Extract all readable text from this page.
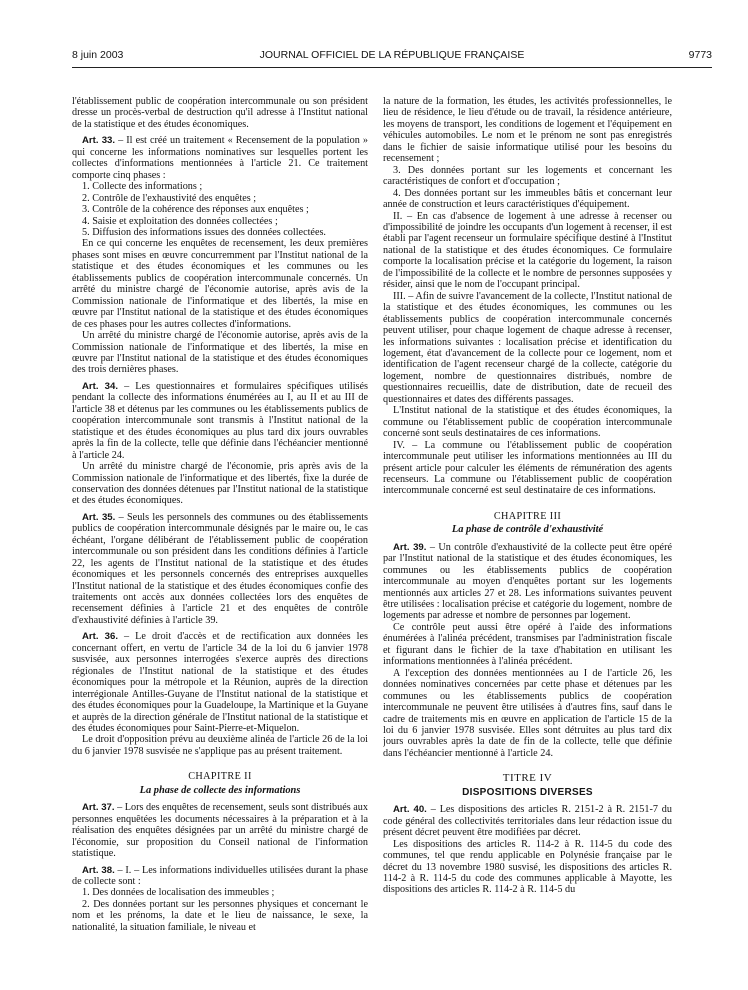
8 juin 2003	JOURNAL OFFICIEL DE LA RÉPUBLIQUE FRANÇAISE	9773

l'établissement public de coopération intercommunale ou son président dresse un procès-verbal de destruction qu'il adresse à l'Institut national de la statistique et des études économiques.

Art. 33. – Il est créé un traitement « Recensement de la population » qui concerne les informations nominatives sur lesquelles portent les collectes d'informations mentionnées à l'article 21. Ce traitement comporte cinq phases :

1. Collecte des informations ;
2. Contrôle de l'exhaustivité des enquêtes ;
3. Contrôle de la cohérence des réponses aux enquêtes ;
4. Saisie et exploitation des données collectées ;
5. Diffusion des informations issues des données collectées.

En ce qui concerne les enquêtes de recensement, les deux premières phases sont mises en œuvre concurremment par l'Institut national de la statistique et des études économiques et les communes ou les établissements publics de coopération intercommunale concernés. Un arrêté du ministre chargé de l'économie autorise, après avis de la Commission nationale de l'informatique et des libertés, la mise en œuvre par l'Institut national de la statistique et des études économiques de ces phases pour les autres collectes d'informations.

Un arrêté du ministre chargé de l'économie autorise, après avis de la Commission nationale de l'informatique et des libertés, la mise en œuvre par l'Institut national de la statistique et des études économiques des trois dernières phases.

Art. 34. – Les questionnaires et formulaires spécifiques utilisés pendant la collecte des informations énumérées au I, au II et au III de l'article 38 et détenus par les communes ou les établissements publics de coopération intercommunale sont transmis à l'Institut national de la statistique et des études économiques au plus tard dix jours ouvrables après la fin de la collecte, telle que définie dans l'échéancier mentionné à l'article 24.

Un arrêté du ministre chargé de l'économie, pris après avis de la Commission nationale de l'informatique et des libertés, fixe la durée de conservation des données détenues par l'Institut national de la statistique et des études économiques.

Art. 35. – Seuls les personnels des communes ou des établissements publics de coopération intercommunale désignés par le maire ou, le cas échéant, l'organe délibérant de l'établissement public de coopération intercommunale ou son président dans les conditions définies à l'article 22, les agents de l'Institut national de la statistique et des études économiques et les personnels concernés des entreprises auxquelles l'Institut national de la statistique et des études économiques confie des traitements ont accès aux données collectées lors des enquêtes de recensement définies à l'article 21 et des enquêtes de contrôle d'exhaustivité définies à l'article 39.

Art. 36. – Le droit d'accès et de rectification aux données les concernant offert, en vertu de l'article 34 de la loi du 6 janvier 1978 susvisée, aux personnes interrogées s'exerce auprès des directions régionales de l'Institut national de la statistique et des études économiques pour la métropole et la Réunion, auprès de la direction interrégionale Antilles-Guyane de l'Institut national de la statistique et des études économiques pour la Guadeloupe, la Martinique et la Guyane et auprès de la direction générale de l'Institut national de la statistique et des études économiques pour Saint-Pierre-et-Miquelon.

Le droit d'opposition prévu au deuxième alinéa de l'article 26 de la loi du 6 janvier 1978 susvisée ne s'applique pas au présent traitement.

CHAPITRE II
La phase de collecte des informations

Art. 37. – Lors des enquêtes de recensement, seuls sont distribués aux personnes enquêtées les documents nécessaires à la préparation et à la réalisation des enquêtes désignées par un arrêté du ministre chargé de l'économie, sur proposition du Conseil national de l'information statistique.

Art. 38. – I. – Les informations individuelles utilisées durant la phase de collecte sont :

1. Des données de localisation des immeubles ;

2. Des données portant sur les personnes physiques et concernant le nom et les prénoms, la date et le lieu de naissance, le sexe, la nationalité, la situation familiale, le niveau et

la nature de la formation, les études, les activités professionnelles, le lieu de résidence, le lieu d'étude ou de travail, la résidence antérieure, les moyens de transport, les conditions de logement et l'équipement en véhicules automobiles. Le nom et le prénom ne sont pas enregistrés dans le fichier de saisie informatique utilisé pour les besoins du recensement ;

3. Des données portant sur les logements et concernant les caractéristiques de confort et d'occupation ;

4. Des données portant sur les immeubles bâtis et concernant leur année de construction et leurs caractéristiques d'équipement.

II. – En cas d'absence de logement à une adresse à recenser ou d'impossibilité de joindre les occupants d'un logement à recenser, il est établi par l'agent recenseur un formulaire spécifique destiné à l'Institut national de la statistique et des études économiques. Ce formulaire comporte la localisation précise et la catégorie du logement, la raison de l'impossibilité de la collecte et le nombre de personnes supposées y résider, ainsi que le nom de l'occupant principal.

III. – Afin de suivre l'avancement de la collecte, l'Institut national de la statistique et des études économiques, les communes ou les établissements publics de coopération intercommunale concernés peuvent utiliser, pour chaque logement de chaque adresse à recenser, les informations suivantes : localisation précise et identification du logement, état d'avancement de la collecte pour ce logement, nom et identification de l'agent recenseur chargé de la collecte, catégorie du logement, nombre de questionnaires distribués, nombre de questionnaires recueillis, date de distribution, date de recueil des questionnaires et dates des différents passages.

L'Institut national de la statistique et des études économiques, la commune ou l'établissement public de coopération intercommunale concerné sont seuls destinataires de ces informations.

IV. – La commune ou l'établissement public de coopération intercommunale peut utiliser les informations mentionnées au III du présent article pour calculer les éléments de rémunération des agents recenseurs. La commune ou l'établissement public de coopération intercommunale concerné est seul destinataire de ces informations.

CHAPITRE III
La phase de contrôle d'exhaustivité

Art. 39. – Un contrôle d'exhaustivité de la collecte peut être opéré par l'Institut national de la statistique et des études économiques, les communes ou les établissements publics de coopération intercommunale au moyen d'enquêtes portant sur les logements mentionnés aux articles 27 et 28. Les informations suivantes peuvent être utilisées : localisation précise et catégorie du logement, nombre de logements par adresse et nombre de personnes par logement.

Ce contrôle peut aussi être opéré à l'aide des informations énumérées à l'alinéa précédent, transmises par l'administration fiscale et figurant dans le fichier de la taxe d'habitation en utilisant les informations mentionnées à l'alinéa précédent.

A l'exception des données mentionnées au I de l'article 26, les données nominatives concernées par cette phase et détenues par les communes ou les établissements publics de coopération intercommunale ne peuvent être utilisées à d'autres fins, sauf dans le cadre de traitements mis en œuvre en application de l'article 15 de la loi du 6 janvier 1978 susvisée. Elles sont détruites au plus tard dix jours ouvrables après la date de fin de la collecte, telle que définie dans l'échéancier mentionné à l'article 24.

TITRE IV
DISPOSITIONS DIVERSES

Art. 40. – Les dispositions des articles R. 2151-2 à R. 2151-7 du code général des collectivités territoriales dans leur rédaction issue du présent décret peuvent être modifiées par décret.

Les dispositions des articles R. 114-2 à R. 114-5 du code des communes, tel que rendu applicable en Polynésie française par le décret du 13 novembre 1980 susvisé, les dispositions des articles R. 114-2 à R. 114-5 du code des communes applicable à Mayotte, les dispositions des articles R. 114-2 à R. 114-5 du
